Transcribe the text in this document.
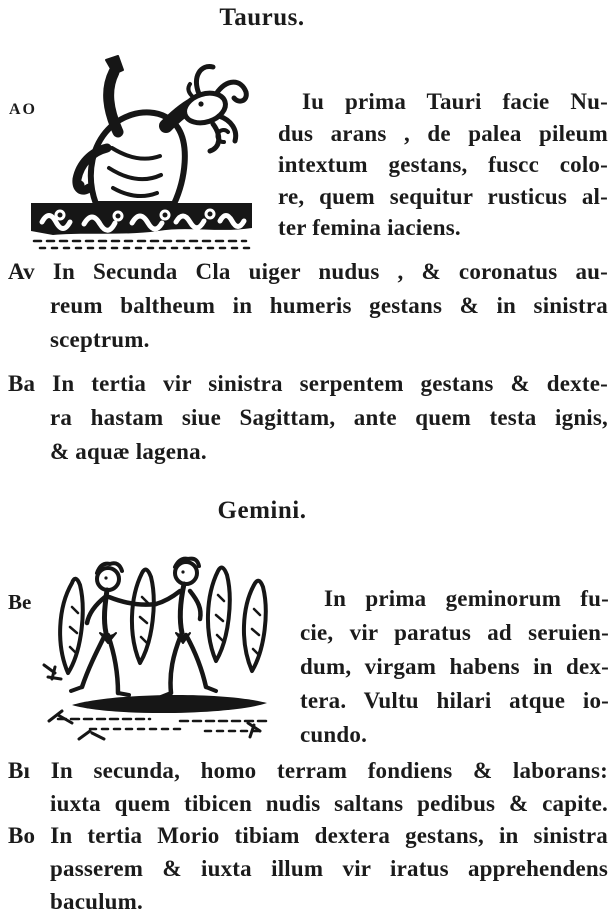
Taurus.
AO	Iu prima Tauri facie Nu-
dus arans , de palea pileum
intextum gestans, fuscc colo-
re, quem sequitur rusticus al-
ter femina iaciens.
Av In Secunda Cla uiger nudus , & coronatus au-
reum baltheum in humeris gestans & in sinistra
sceptrum.
Ba In tertia vir sinistra serpentem gestans & dexte-
ra hastam siue Sagittam, ante quem testa ignis,
& aquæ lagena.
Gemini.
Be	In prima geminorum fu-
cie, vir paratus ad seruien-
dum, virgam habens in dex-
tera. Vultu hilari atque io-
cundo.
Bı In secunda, homo terram fondiens & laborans:
iuxta quem tibicen nudis saltans pedibus & capite.
Bo In tertia Morio tibiam dextera gestans, in sinistra
passerem & iuxta illum vir iratus apprehendens
baculum.
